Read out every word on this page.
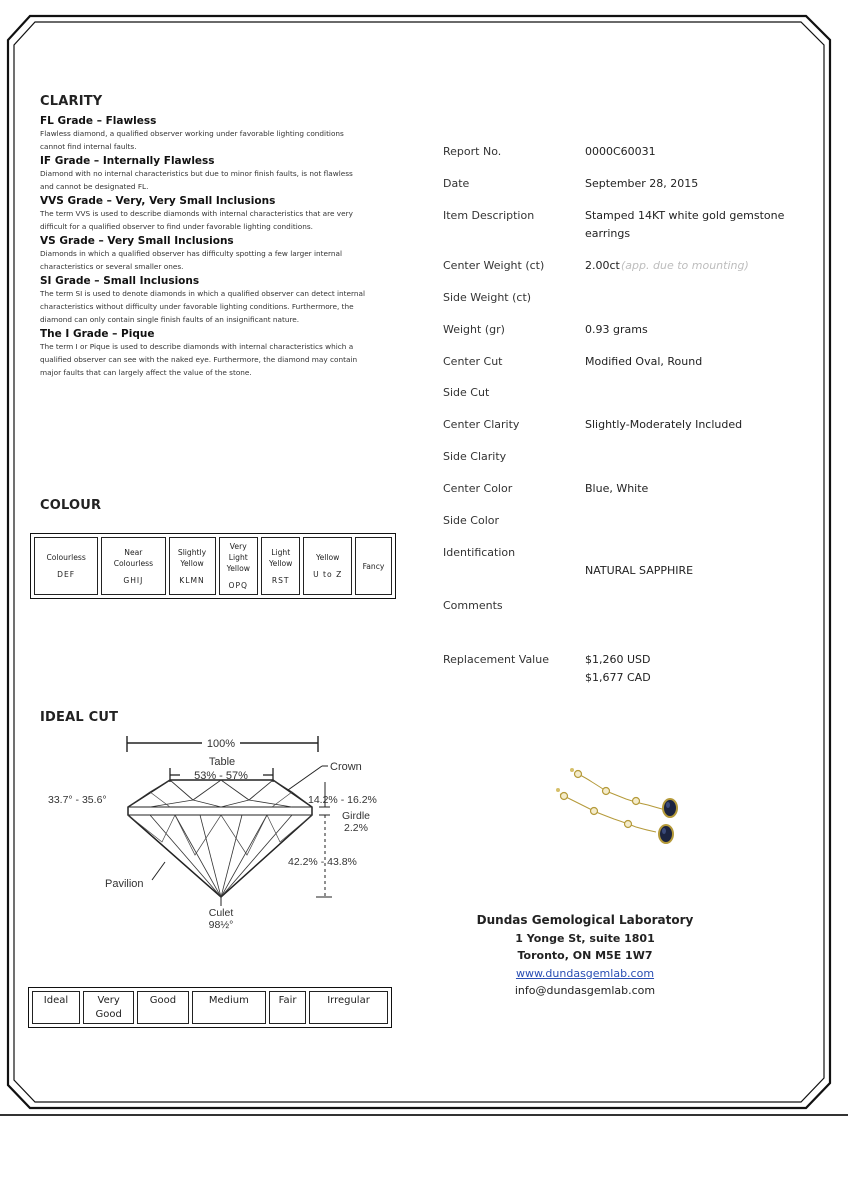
CLARITY
FL Grade – Flawless
Flawless diamond, a qualified observer working under favorable lighting conditions
cannot find internal faults.
IF Grade – Internally Flawless
Diamond with no internal characteristics but due to minor finish faults, is not flawless
and cannot be designated FL.
VVS Grade – Very, Very Small Inclusions
The term VVS is used to describe diamonds with internal characteristics that are very
difficult for a qualified observer to find under favorable lighting conditions.
VS Grade – Very Small Inclusions
Diamonds in which a qualified observer has difficulty spotting a few larger internal
characteristics or several smaller ones.
SI Grade – Small Inclusions
The term SI is used to denote diamonds in which a qualified observer can detect internal
characteristics without difficulty under favorable lighting conditions. Furthermore, the
diamond can only contain single finish faults of an insignificant nature.
The I Grade – Pique
The term I or Pique is used to describe diamonds with internal characteristics which a
qualified observer can see with the naked eye. Furthermore, the diamond may contain
major faults that can largely affect the value of the stone.
COLOUR
Colourless
DEF

Near
Colourless
GHIJ

Slightly
Yellow
KLMN

Very
Light
Yellow
OPQ

Light
Yellow
RST

Yellow
U to Z

Fancy
IDEAL CUT
100%
Table
53% - 57%
Crown
33.7° - 35.6°	14.2% - 16.2%
Girdle
2.2%
42.2% - 43.8%
Pavilion
Culet
98½°
Ideal	Very
Good

Good	Medium	Fair	Irregular
Report No.	0000C60031
Date	September 28, 2015
Item Description	Stamped 14KT white gold gemstone
earrings
Center Weight (ct)	2.00ct (app. due to mounting)
Side Weight (ct)
Weight (gr)	0.93 grams
Center Cut	Modified Oval, Round
Side Cut
Center Clarity	Slightly-Moderately Included
Side Clarity
Center Color	Blue, White
Side Color
Identification
NATURAL SAPPHIRE
Comments
Replacement Value	$1,260 USD
$1,677 CAD
Dundas Gemological Laboratory
1 Yonge St, suite 1801
Toronto, ON M5E 1W7
www.dundasgemlab.com
info@dundasgemlab.com
